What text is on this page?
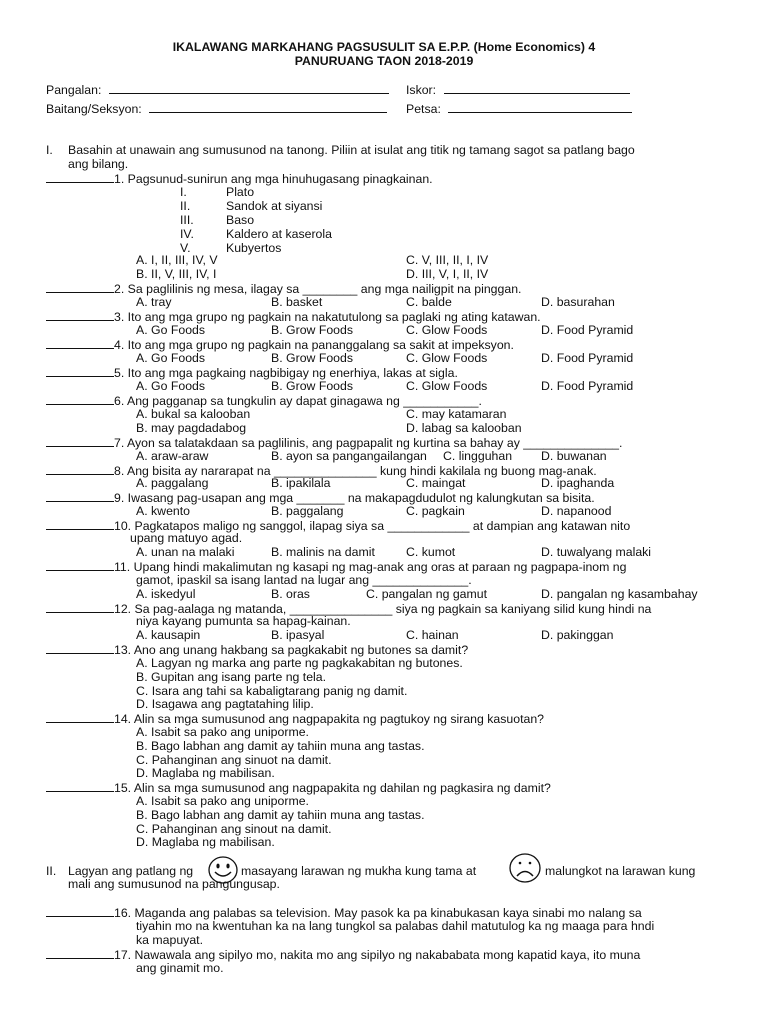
IKALAWANG MARKAHANG PAGSUSULIT SA E.P.P. (Home Economics) 4
PANURUANG TAON 2018-2019
Pangalan:	Iskor:
Baitang/Seksyon:	Petsa:
I. Basahin at unawain ang sumusunod na tanong. Piliin at isulat ang titik ng tamang sagot sa patlang bago
ang bilang.
1. Pagsunud-sunirun ang mga hinuhugasang pinagkainan.
I.	Plato
II.	Sandok at siyansi
III.	Baso
IV.	Kaldero at kaserola
V.	Kubyertos
A. I, II, III, IV, V	C. V, III, II, I, IV
B. II, V, III, IV, I	D. III, V, I, II, IV
2. Sa paglilinis ng mesa, ilagay sa ________ ang mga nailigpit na pinggan.
A. tray	B. basket	C. balde	D. basurahan
3. Ito ang mga grupo ng pagkain na nakatutulong sa paglaki ng ating katawan.
A. Go Foods	B. Grow Foods	C. Glow Foods	D. Food Pyramid
4. Ito ang mga grupo ng pagkain na pananggalang sa sakit at impeksyon.
A. Go Foods	B. Grow Foods	C. Glow Foods	D. Food Pyramid
5. Ito ang mga pagkaing nagbibigay ng enerhiya, lakas at sigla.
A. Go Foods	B. Grow Foods	C. Glow Foods	D. Food Pyramid
6. Ang pagganap sa tungkulin ay dapat ginagawa ng ___________.
A. bukal sa kalooban	C. may katamaran
B. may pagdadabog	D. labag sa kalooban
7. Ayon sa talatakdaan sa paglilinis, ang pagpapalit ng kurtina sa bahay ay ______________.
A. araw-araw	B. ayon sa pangangailangan C. lingguhan D. buwanan
8. Ang bisita ay nararapat na _______________ kung hindi kakilala ng buong mag-anak.
A. paggalang	B. ipakilala	C. maingat	D. ipaghanda
9. Iwasang pag-usapan ang mga _______ na makapagdudulot ng kalungkutan sa bisita.
A. kwento	B. paggalang	C. pagkain	D. napanood
10. Pagkatapos maligo ng sanggol, ilapag siya sa ____________ at dampian ang katawan nito
upang matuyo agad.
A. unan na malaki	B. malinis na damit	C. kumot	D. tuwalyang malaki
11. Upang hindi makalimutan ng kasapi ng mag-anak ang oras at paraan ng pagpapa-inom ng
gamot, ipaskil sa isang lantad na lugar ang ______________.
A. iskedyul	B. oras	C. pangalan ng gamut	D. pangalan ng kasambahay
12. Sa pag-aalaga ng matanda, _______________ siya ng pagkain sa kaniyang silid kung hindi na
niya kayang pumunta sa hapag-kainan.
A. kausapin	B. ipasyal	C. hainan	D. pakinggan
13. Ano ang unang hakbang sa pagkakabit ng butones sa damit?
A. Lagyan ng marka ang parte ng pagkakabitan ng butones.
B. Gupitan ang isang parte ng tela.
C. Isara ang tahi sa kabaligtarang panig ng damit.
D. Isagawa ang pagtatahing lilip.
14. Alin sa mga sumusunod ang nagpapakita ng pagtukoy ng sirang kasuotan?
A. Isabit sa pako ang uniporme.
B. Bago labhan ang damit ay tahiin muna ang tastas.
C. Pahanginan ang sinuot na damit.
D. Maglaba ng mabilisan.
15. Alin sa mga sumusunod ang nagpapakita ng dahilan ng pagkasira ng damit?
A. Isabit sa pako ang uniporme.
B. Bago labhan ang damit ay tahiin muna ang tastas.
C. Pahanginan ang sinout na damit.
D. Maglaba ng mabilisan.
II. Lagyan ang patlang ng	masayang larawan ng mukha kung tama at	malungkot na larawan kung
mali ang sumusunod na pangungusap.
16. Maganda ang palabas sa television. May pasok ka pa kinabukasan kaya sinabi mo nalang sa
tiyahin mo na kwentuhan ka na lang tungkol sa palabas dahil matutulog ka ng maaga para hndi
ka mapuyat.
17. Nawawala ang sipilyo mo, nakita mo ang sipilyo ng nakababata mong kapatid kaya, ito muna
ang ginamit mo.
